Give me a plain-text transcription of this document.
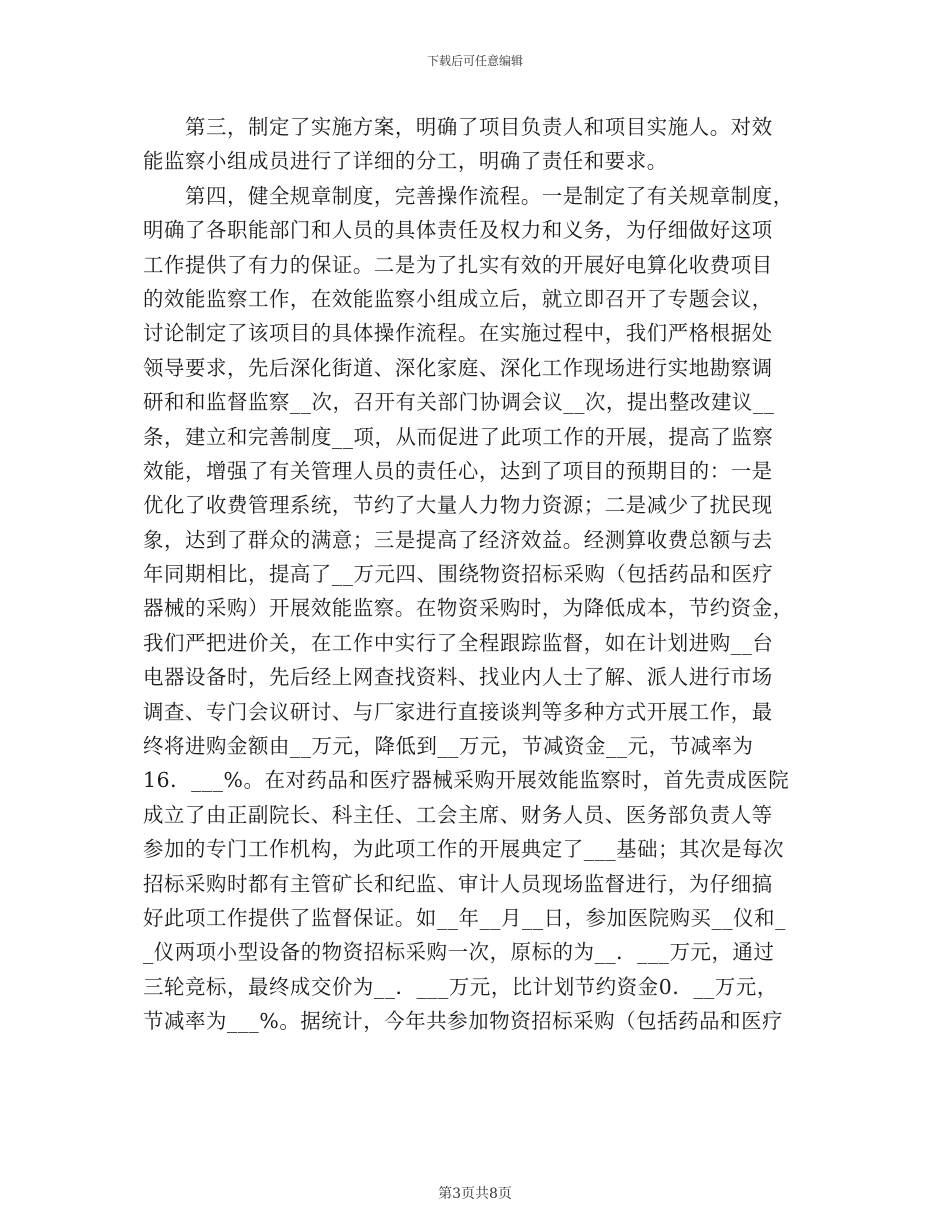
下载后可任意编辑
　　第三，制定了实施方案，明确了项目负责人和项目实施人。对效
能监察小组成员进行了详细的分工，明确了责任和要求。
　　第四，健全规章制度，完善操作流程。一是制定了有关规章制度，
明确了各职能部门和人员的具体责任及权力和义务，为仔细做好这项
工作提供了有力的保证。二是为了扎实有效的开展好电算化收费项目
的效能监察工作，在效能监察小组成立后，就立即召开了专题会议，
讨论制定了该项目的具体操作流程。在实施过程中，我们严格根据处
领导要求，先后深化街道、深化家庭、深化工作现场进行实地勘察调
研和和监督监察__次，召开有关部门协调会议__次，提出整改建议__
条，建立和完善制度__项，从而促进了此项工作的开展，提高了监察
效能，增强了有关管理人员的责任心，达到了项目的预期目的：一是
优化了收费管理系统，节约了大量人力物力资源；二是减少了扰民现
象，达到了群众的满意；三是提高了经济效益。经测算收费总额与去
年同期相比，提高了__万元四、围绕物资招标采购（包括药品和医疗
器械的采购）开展效能监察。在物资采购时，为降低成本，节约资金，
我们严把进价关，在工作中实行了全程跟踪监督，如在计划进购__台
电器设备时，先后经上网查找资料、找业内人士了解、派人进行市场
调查、专门会议研讨、与厂家进行直接谈判等多种方式开展工作，最
终将进购金额由__万元，降低到__万元，节减资金__元，节减率为
16．___%。在对药品和医疗器械采购开展效能监察时，首先责成医院
成立了由正副院长、科主任、工会主席、财务人员、医务部负责人等
参加的专门工作机构，为此项工作的开展典定了___基础；其次是每次
招标采购时都有主管矿长和纪监、审计人员现场监督进行，为仔细搞
好此项工作提供了监督保证。如__年__月__日，参加医院购买__仪和_
_仪两项小型设备的物资招标采购一次，原标的为__．___万元，通过
三轮竞标，最终成交价为__．___万元，比计划节约资金0．__万元，
节减率为___%。据统计，今年共参加物资招标采购（包括药品和医疗
第3页共8页
